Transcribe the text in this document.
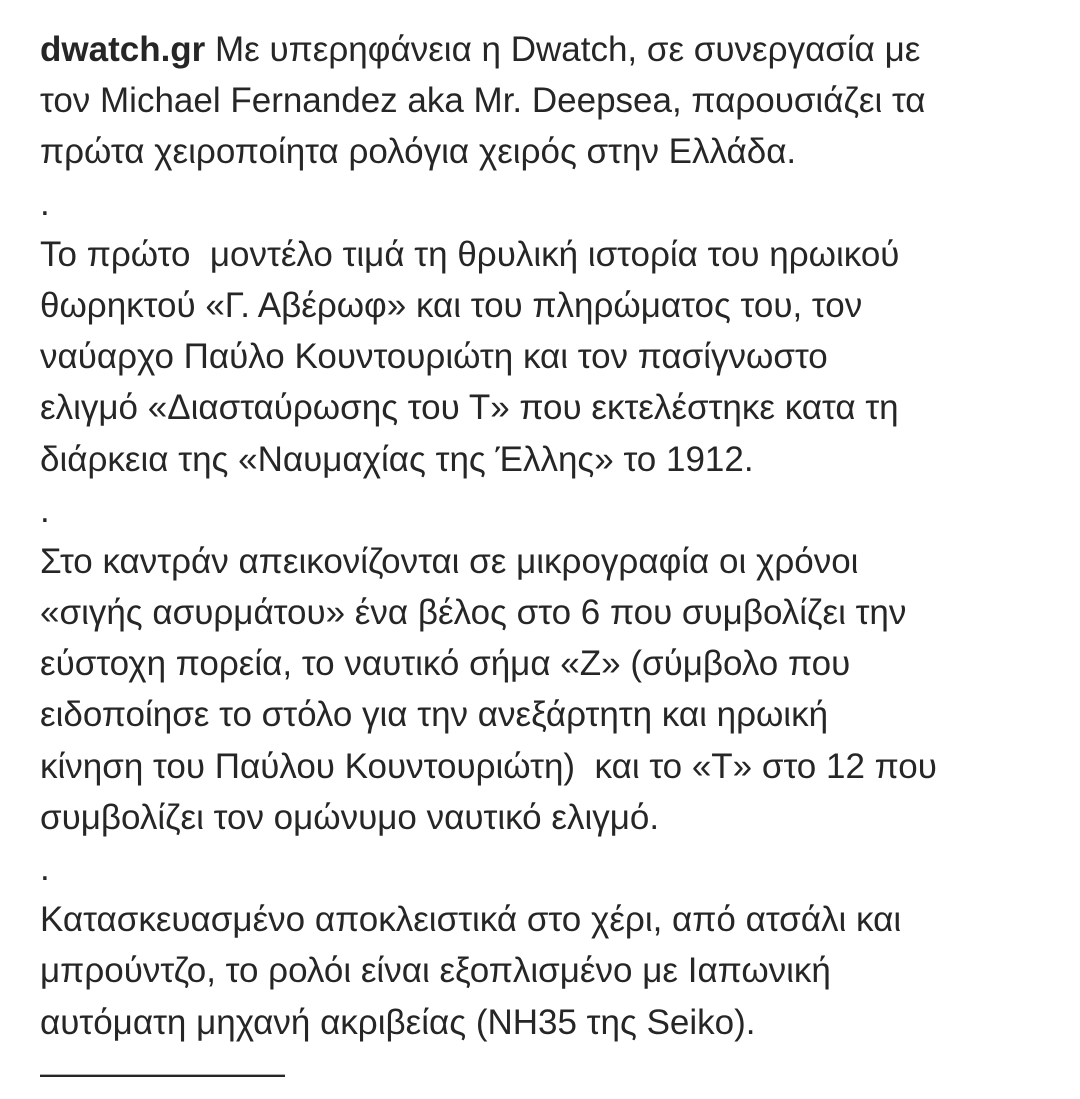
dwatch.gr Με υπερηφάνεια η Dwatch, σε συνεργασία με
τον Michael Fernandez aka Mr. Deepsea, παρουσιάζει τα
πρώτα χειροποίητα ρολόγια χειρός στην Ελλάδα.
.
Το πρώτο  μοντέλο τιμά τη θρυλική ιστορία του ηρωικού
θωρηκτού «Γ. Αβέρωφ» και του πληρώματος του, τον
ναύαρχο Παύλο Κουντουριώτη και τον πασίγνωστο
ελιγμό «Διασταύρωσης του Τ» που εκτελέστηκε κατα τη
διάρκεια της «Ναυμαχίας της Έλλης» το 1912.
.
Στο καντράν απεικονίζονται σε μικρογραφία οι χρόνοι
«σιγής ασυρμάτου» ένα βέλος στο 6 που συμβολίζει την
εύστοχη πορεία, το ναυτικό σήμα «Z» (σύμβολο που
ειδοποίησε το στόλο για την ανεξάρτητη και ηρωική
κίνηση του Παύλου Κουντουριώτη)  και το «Τ» στο 12 που
συμβολίζει τον ομώνυμο ναυτικό ελιγμό.
.
Κατασκευασμένο αποκλειστικά στο χέρι, από ατσάλι και
μπρούντζο, το ρολόι είναι εξοπλισμένο με Ιαπωνική
αυτόματη μηχανή ακριβείας (NH35 της Seiko).
———————
